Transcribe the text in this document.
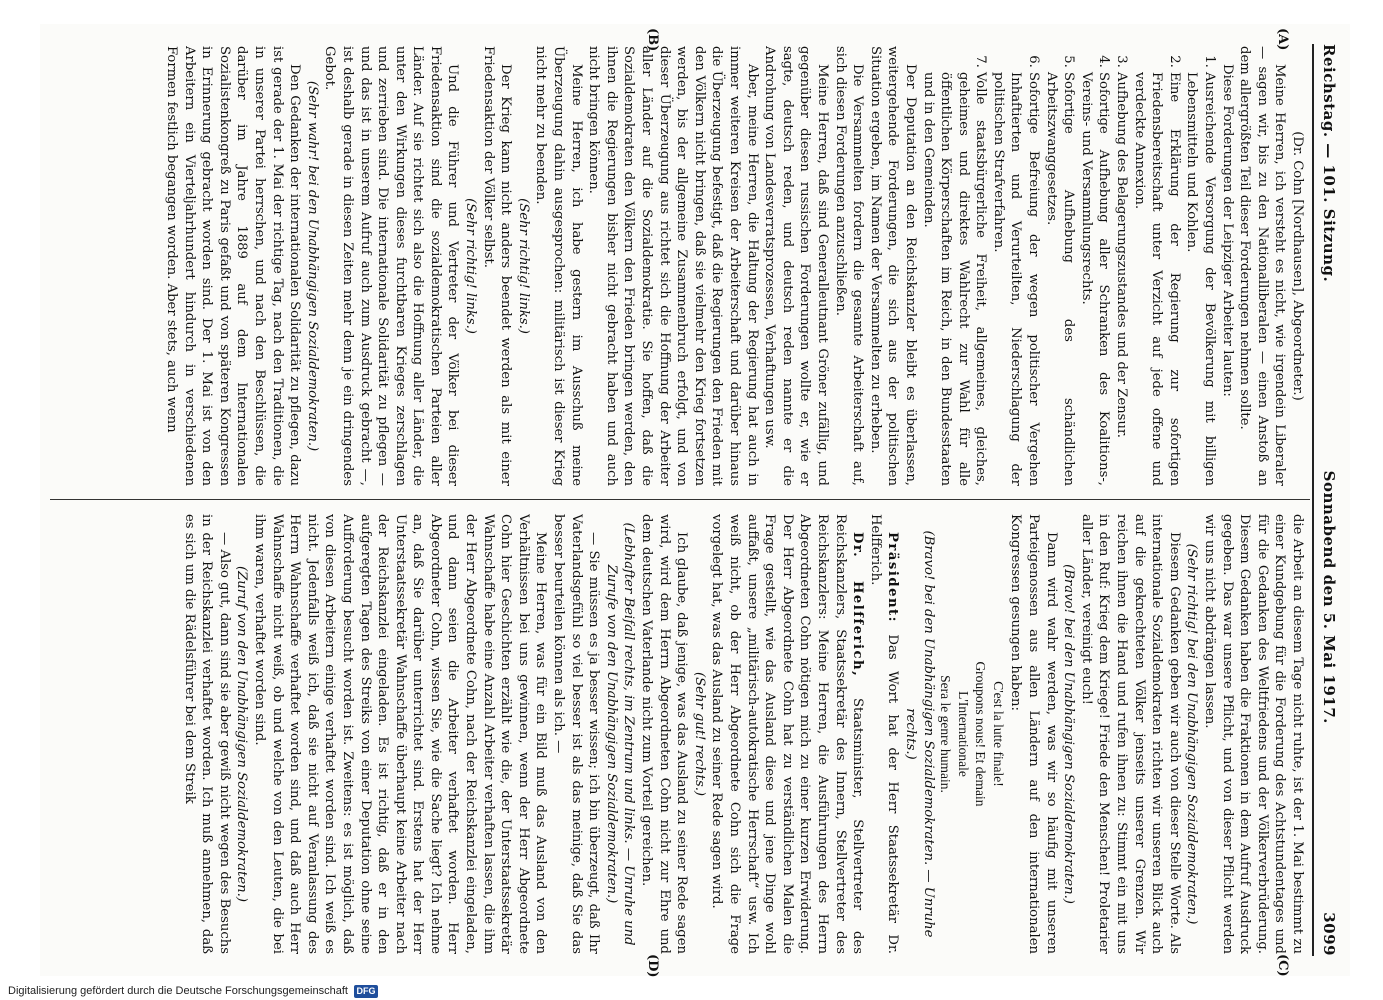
Reichstag. — 101. Sitzung.
Sonnabend den 5. Mai 1917.
3099
(A)
(B)
(C)
(D)

(Dr. Cohn [Nordhausen], Abgeordneter.)

Meine Herren, ich versteht es nicht, wie irgendein Liberaler — sagen wir, bis zu den Nationalliberalen — einen Anstoß an dem allergrößten Teil dieser Forderungen nehmen sollte.

Diese Forderungen der Leipziger Arbeiter lauten:

1. Ausreichende Versorgung der Bevölkerung mit billigen Lebensmitteln und Kohlen.
2. Eine Erklärung der Regierung zur sofortigen Friedensbereitschaft unter Verzicht auf jede offene und verdeckte Annexion.
3. Aufhebung des Belagerungszustandes und der Zensur.
4. Sofortige Aufhebung aller Schranken des Koalitions-, Vereins- und Versammlungsrechts.
5. Sofortige Aufhebung des schändlichen Arbeitszwanggesetzes.
6. Sofortige Befreiung der wegen politischer Vergehen Inhaftierten und Verurteilten, Niederschlagung der politischen Strafverfahren.
7. Volle staatsbürgerliche Freiheit, allgemeines, gleiches, geheimes und direktes Wahlrecht zur Wahl für alle öffentlichen Körperschaften im Reich, in den Bundesstaaten und in den Gemeinden.

Der Deputation an den Reichskanzler bleibt es überlassen, weitergehende Forderungen, die sich aus der politischen Situation ergeben, im Namen der Versammelten zu erheben.

Die Versammelten fordern die gesamte Arbeiterschaft auf, sich diesen Forderungen anzuschließen.

Meine Herren, daß sind Generalleutnant Gröner zufällig, und gegenüber diesen russischen Forderungen wollte er, wie er sagte, deutsch reden, und deutsch reden nannte er die Androhung von Landesverratsprozessen, Verhaftungen usw.

Aber, meine Herren, die Haltung der Regierung hat auch in immer weiteren Kreisen der Arbeiterschaft und darüber hinaus die Überzeugung befestigt, daß die Regierungen den Frieden mit den Völkern nicht bringen, daß sie vielmehr den Krieg fortsetzen werden, bis der allgemeine Zusammenbruch erfolgt, und von dieser Überzeugung aus richtet sich die Hoffnung der Arbeiter aller Länder auf die Sozialdemokratie. Sie hoffen, daß die Sozialdemokraten den Völkern den Frieden bringen werden, den ihnen die Regierungen bisher nicht gebracht haben und auch nicht bringen können.

Meine Herren, ich habe gestern im Ausschuß meine Überzeugung dahin ausgesprochen: militärisch ist dieser Krieg nicht mehr zu beenden.

(Sehr richtig! links.)

Der Krieg kann nicht anders beendet werden als mit einer Friedensaktion der Völker selbst.

(Sehr richtig! links.)

Und die Führer und Vertreter der Völker bei dieser Friedensaktion sind die sozialdemokratischen Parteien aller Länder. Auf sie richtet sich also die Hoffnung aller Länder, die unter den Wirkungen dieses furchtbaren Krieges zerschlagen und zerrieben sind. Die internationale Solidarität zu pflegen — und das ist in unserem Aufruf auch zum Ausdruck gebracht —, ist deshalb gerade in diesen Zeiten mehr denn je ein dringendes Gebot.

(Sehr wahr! bei den Unabhängigen Sozialdemokraten.)

Den Gedanken der internationalen Solidarität zu pflegen, dazu ist gerade der 1. Mai der richtige Tag, nach den Traditionen, die in unserer Partei herrschen, und nach den Beschlüssen, die darüber im Jahre 1889 auf dem Internationalen Sozialistenkongreß zu Paris gefaßt und von späteren Kongressen in Erinnerung gebracht worden sind. Der 1. Mai ist von den Arbeitern ein Vierteljahrhundert hindurch in verschiedenen Formen festlich begangen worden. Aber stets, auch wenn

die Arbeit an diesem Tage nicht ruhte, ist der 1. Mai bestimmt zu einer Kundgebung für die Forderung des Achtstundentages und für die Gedanken des Weltfriedens und der Völkerverbrüderung. Diesem Gedanken haben die Fraktionen in dem Aufruf Ausdruck gegeben. Das war unsere Pflicht, und von dieser Pflicht werden wir uns nicht abdrängen lassen.

(Sehr richtig! bei den Unabhängigen Sozialdemokraten.)

Diesem Gedanken geben wir auch von dieser Stelle Worte. Als internationale Sozialdemokraten richten wir unseren Blick auch auf die geknechteten Völker jenseits unserer Grenzen. Wir reichen ihnen die Hand und rufen ihnen zu: Stimmt ein mit uns in den Ruf: Krieg dem Kriege! Friede den Menschen! Proletarier aller Länder, vereinigt euch!

(Bravo! bei den Unabhängigen Sozialdemokraten.)

Dann wird wahr werden, was wir so häufig mit unseren Parteigenossen aus allen Ländern auf den internationalen Kongressen gesungen haben:

C'est la lutte finale!

Groupons nous! Et demain

L'Internationale

Sera le genre humain.

(Bravo! bei den Unabhängigen Sozialdemokraten. — Unruhe rechts.)

Präsident: Das Wort hat der Herr Staatssekretär Dr. Helfferich.

Dr. Helfferich, Staatsminister, Stellvertreter des Reichskanzlers, Staatssekretär des Innern, Stellvertreter des Reichskanzlers: Meine Herren, die Ausführungen des Herrn Abgeordneten Cohn nötigen mich zu einer kurzen Erwiderung. Der Herr Abgeordnete Cohn hat zu verständlichen Malen die Frage gestellt, wie das Ausland diese und jene Dinge wohl auffaßt, unsere „militärisch-autokratische Herrschaft“ usw. Ich weiß nicht, ob der Herr Abgeordnete Cohn sich die Frage vorgelegt hat, was das Ausland zu seiner Rede sagen wird.

(Sehr gut! rechts.)

Ich glaube, daß jenige, was das Ausland zu seiner Rede sagen wird, wird dem Herrn Abgeordneten Cohn nicht zur Ehre und dem deutschen Vaterlande nicht zum Vorteil gereichen.

(Lebhafter Beifall rechts, im Zentrum und links. — Unruhe und Zurufe von den Unabhängigen Sozialdemokraten.)

— Sie müssen es ja besser wissen; ich bin überzeugt, daß Ihr Vaterlandsgefühl so viel besser ist als das meinige, daß Sie das besser beurteilen können als ich. —

Meine Herren, was für ein Bild muß das Ausland von den Verhältnissen bei uns gewinnen, wenn der Herr Abgeordnete Cohn hier Geschichten erzählt wie die, der Unterstaatssekretär Wahnschaffe habe eine Anzahl Arbeiter verhaften lassen, die ihm der Herr Abgeordnete Cohn, nach der Reichskanzlei eingeladen, und dann seien die Arbeiter verhaftet worden. Herr Abgeordneter Cohn, wissen Sie, wie die Sache liegt? Ich nehme an, daß Sie darüber unterrichtet sind. Erstens hat der Herr Unterstaatssekretär Wahnschaffe überhaupt keine Arbeiter nach der Reichskanzlei eingeladen. Es ist richtig, daß er in den aufgeregten Tagen des Streiks von einer Deputation ohne seine Aufforderung besucht worden ist. Zweitens: es ist möglich, daß von diesen Arbeitern einige verhaftet worden sind. Ich weiß es nicht. Jedenfalls weiß ich, daß sie nicht auf Veranlassung des Herrn Wahnschaffe verhaftet worden sind, und daß auch Herr Wahnschaffe nicht weiß, ob und welche von den Leuten, die bei ihm waren, verhaftet worden sind.

(Zuruf von den Unabhängigen Sozialdemokraten.)

— Also gut, dann sind sie aber gewiß nicht wegen des Besuchs in der Reichskanzlei verhaftet worden. Ich muß annehmen, daß es sich um die Rädelsführer bei dem Streik

Digitalisierung gefördert durch die Deutsche Forschungsgemeinschaft DFG
